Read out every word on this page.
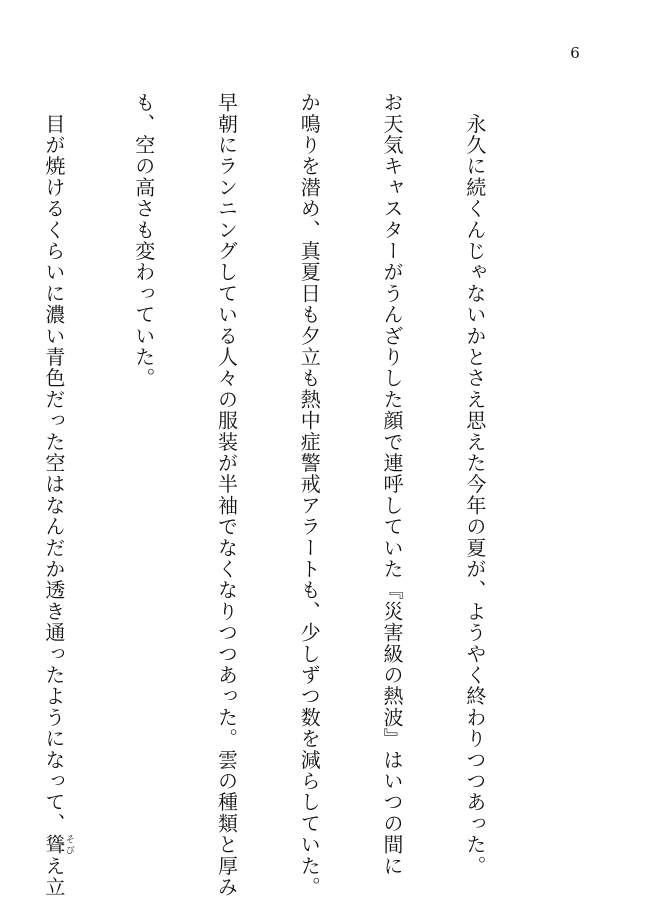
6

　永久に続くんじゃないかとさえ思えた今年の夏が、ようやく終わりつつあった。

お天気キャスターがうんざりした顔で連呼していた『災害級の熱波』はいつの間に

か鳴りを潜め、真夏日も夕立も熱中症警戒アラートも、少しずつ数を減らしていた。

早朝にランニングしている人々の服装が半袖でなくなりつつあった。雲の種類と厚み

も、空の高さも変わっていた。

　目が焼けるくらいに濃い青色だった空はなんだか透き通ったようになって、聳そびえ立
